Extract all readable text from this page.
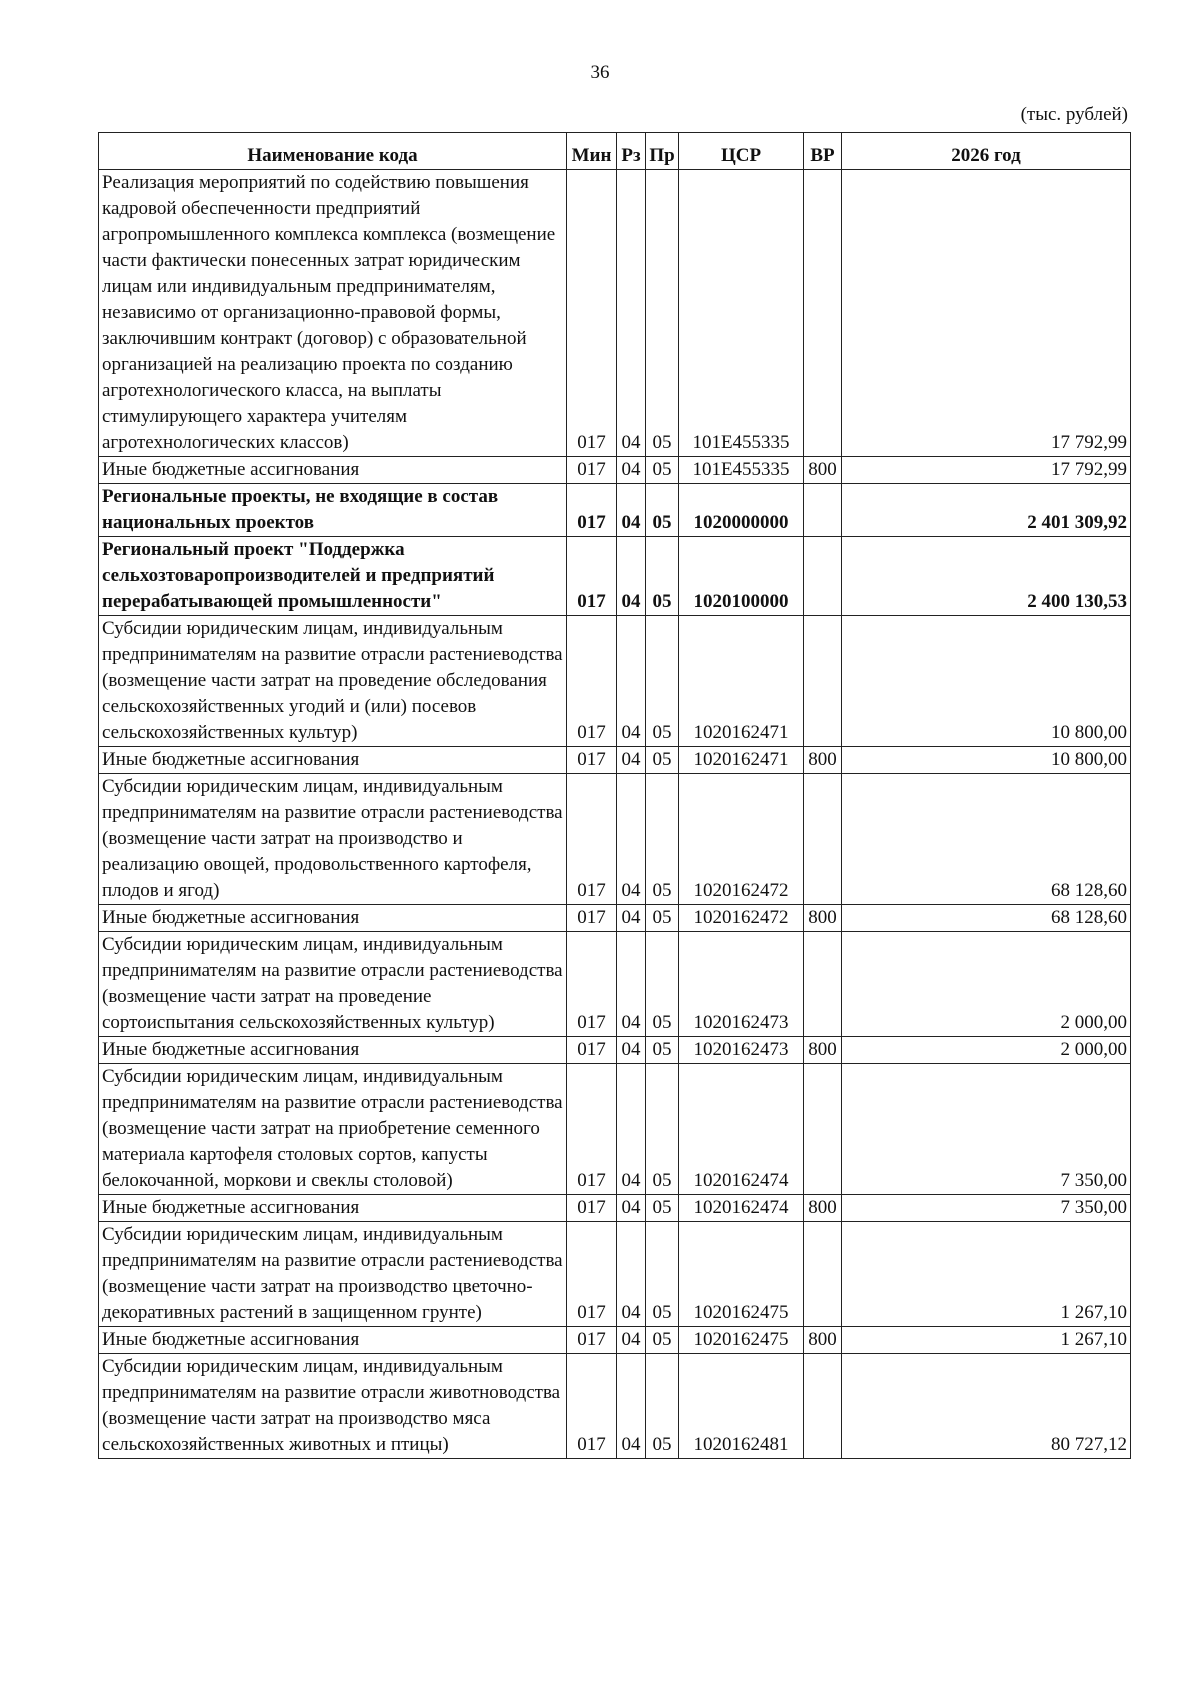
36
(тыс. рублей)
Наименование кода	Мин	Рз	Пр	ЦСР	ВР	2026 год
Реализация мероприятий по содействию повышения кадровой обеспеченности предприятий агропромышленного комплекса комплекса (возмещение части фактически понесенных затрат юридическим лицам или индивидуальным предпринимателям, независимо от организационно-правовой формы, заключившим контракт (договор) с образовательной организацией на реализацию проекта по созданию агротехнологического класса, на выплаты стимулирующего характера учителям агротехнологических классов)	017	04	05	101Е455335		17 792,99
Иные бюджетные ассигнования	017	04	05	101Е455335	800	17 792,99
Региональные проекты, не входящие в состав национальных проектов	017	04	05	1020000000		2 401 309,92
Региональный проект "Поддержка сельхозтоваропроизводителей и предприятий перерабатывающей промышленности"	017	04	05	1020100000		2 400 130,53
Субсидии юридическим лицам, индивидуальным предпринимателям на развитие отрасли растениеводства (возмещение части затрат на проведение обследования сельскохозяйственных угодий и (или) посевов сельскохозяйственных культур)	017	04	05	1020162471		10 800,00
Иные бюджетные ассигнования	017	04	05	1020162471	800	10 800,00
Субсидии юридическим лицам, индивидуальным предпринимателям на развитие отрасли растениеводства (возмещение части затрат на производство и реализацию овощей, продовольственного картофеля, плодов и ягод)	017	04	05	1020162472		68 128,60
Иные бюджетные ассигнования	017	04	05	1020162472	800	68 128,60
Субсидии юридическим лицам, индивидуальным предпринимателям на развитие отрасли растениеводства (возмещение части затрат на проведение сортоиспытания сельскохозяйственных культур)	017	04	05	1020162473		2 000,00
Иные бюджетные ассигнования	017	04	05	1020162473	800	2 000,00
Субсидии юридическим лицам, индивидуальным предпринимателям на развитие отрасли растениеводства (возмещение части затрат на приобретение семенного материала картофеля столовых сортов, капусты белокочанной, моркови и свеклы столовой)	017	04	05	1020162474		7 350,00
Иные бюджетные ассигнования	017	04	05	1020162474	800	7 350,00
Субсидии юридическим лицам, индивидуальным предпринимателям на развитие отрасли растениеводства (возмещение части затрат на производство цветочно-декоративных растений в защищенном грунте)	017	04	05	1020162475		1 267,10
Иные бюджетные ассигнования	017	04	05	1020162475	800	1 267,10
Субсидии юридическим лицам, индивидуальным предпринимателям на развитие отрасли животноводства (возмещение части затрат на производство мяса сельскохозяйственных животных и птицы)	017	04	05	1020162481		80 727,12
